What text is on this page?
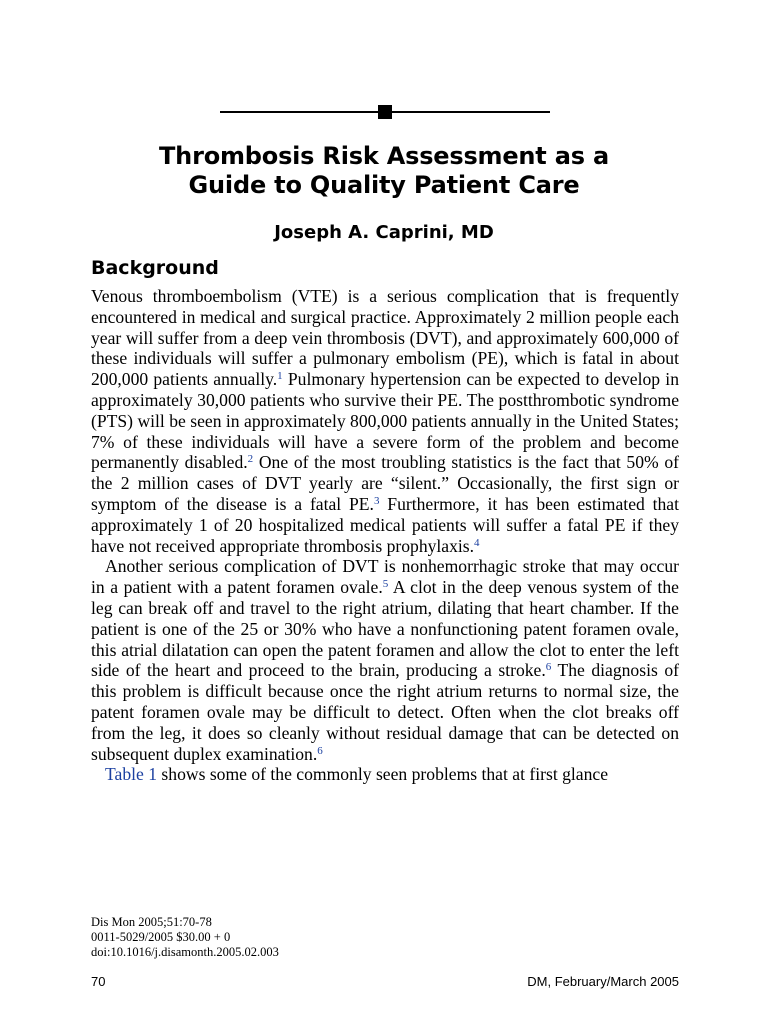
Thrombosis Risk Assessment as a
Guide to Quality Patient Care
Joseph A. Caprini, MD
Background

Venous thromboembolism (VTE) is a serious complication that is frequently encountered in medical and surgical practice. Approximately 2 million people each year will suffer from a deep vein thrombosis (DVT), and approximately 600,000 of these individuals will suffer a pulmonary embolism (PE), which is fatal in about 200,000 patients annually.$^1$ Pulmonary hypertension can be expected to develop in approximately 30,000 patients who survive their PE. The postthrombotic syndrome (PTS) will be seen in approximately 800,000 patients annually in the United States; 7% of these individuals will have a severe form of the problem and become permanently disabled.$^2$ One of the most troubling statistics is the fact that 50% of the 2 million cases of DVT yearly are “silent.” Occasionally, the first sign or symptom of the disease is a fatal PE.$^3$ Furthermore, it has been estimated that approximately 1 of 20 hospitalized medical patients will suffer a fatal PE if they have not received appropriate thrombosis prophylaxis.$^4$

Another serious complication of DVT is nonhemorrhagic stroke that may occur in a patient with a patent foramen ovale.$^5$ A clot in the deep venous system of the leg can break off and travel to the right atrium, dilating that heart chamber. If the patient is one of the 25 or 30% who have a nonfunctioning patent foramen ovale, this atrial dilatation can open the patent foramen and allow the clot to enter the left side of the heart and proceed to the brain, producing a stroke.$^6$ The diagnosis of this problem is difficult because once the right atrium returns to normal size, the patent foramen ovale may be difficult to detect. Often when the clot breaks off from the leg, it does so cleanly without residual damage that can be detected on subsequent duplex examination.$^6$

Table 1 shows some of the commonly seen problems that at first glance

Dis Mon 2005;51:70-78
0011-5029/2005 $30.00 + 0
doi:10.1016/j.disamonth.2005.02.003
70	DM, February/March 2005
